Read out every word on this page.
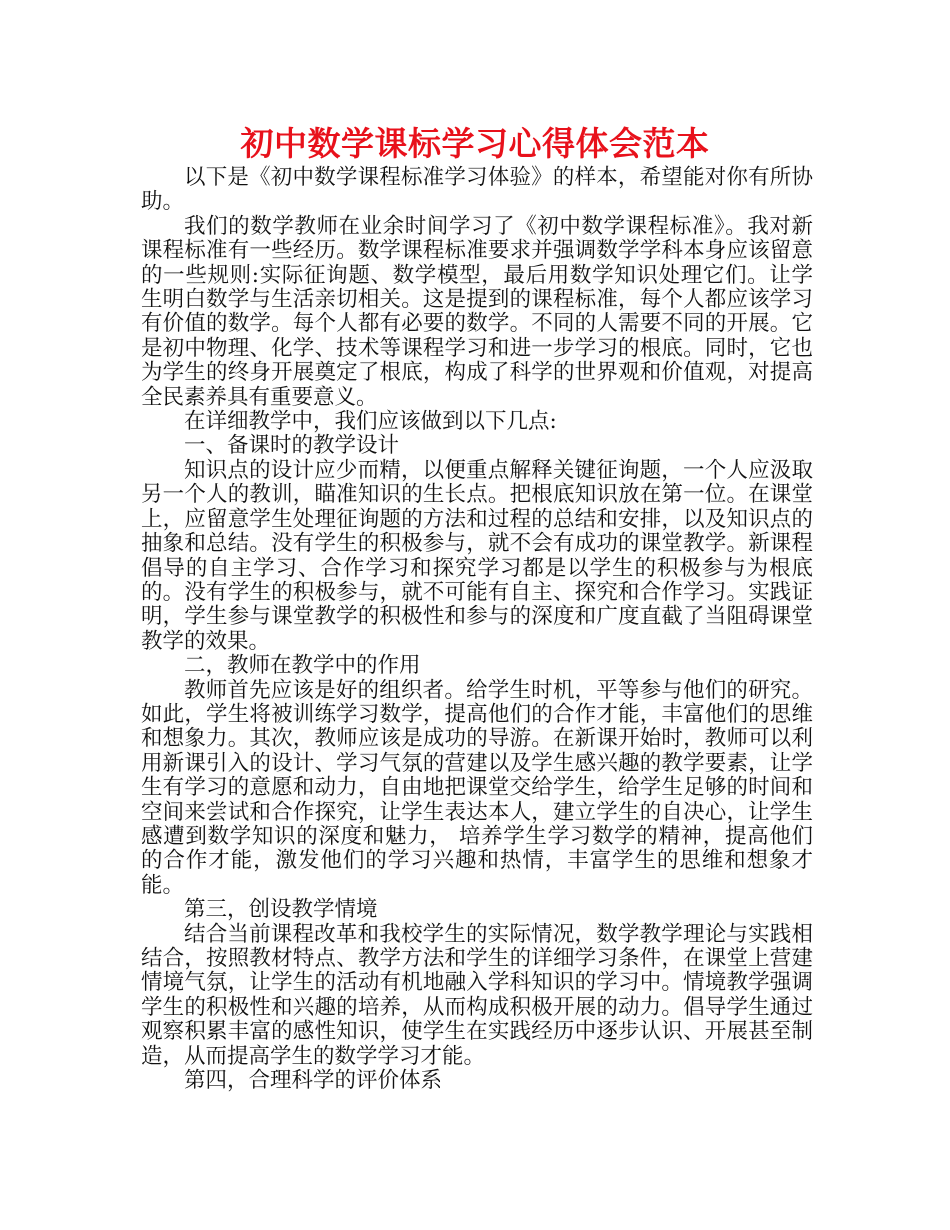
初中数学课标学习心得体会范本

以下是《初中数学课程标准学习体验》的样本，希望能对你有所协助。

我们的数学教师在业余时间学习了《初中数学课程标准》。我对新课程标准有一些经历。数学课程标准要求并强调数学学科本身应该留意的一些规则:实际征询题、数学模型，最后用数学知识处理它们。让学生明白数学与生活亲切相关。这是提到的课程标准，每个人都应该学习有价值的数学。每个人都有必要的数学。不同的人需要不同的开展。它是初中物理、化学、技术等课程学习和进一步学习的根底。同时，它也为学生的终身开展奠定了根底，构成了科学的世界观和价值观，对提高全民素养具有重要意义。

在详细教学中，我们应该做到以下几点:

一、备课时的教学设计

知识点的设计应少而精，以便重点解释关键征询题，一个人应汲取另一个人的教训，瞄准知识的生长点。把根底知识放在第一位。在课堂上，应留意学生处理征询题的方法和过程的总结和安排，以及知识点的抽象和总结。没有学生的积极参与，就不会有成功的课堂教学。新课程倡导的自主学习、合作学习和探究学习都是以学生的积极参与为根底的。没有学生的积极参与，就不可能有自主、探究和合作学习。实践证明，学生参与课堂教学的积极性和参与的深度和广度直截了当阻碍课堂教学的效果。

二，教师在教学中的作用

教师首先应该是好的组织者。给学生时机，平等参与他们的研究。如此，学生将被训练学习数学，提高他们的合作才能，丰富他们的思维和想象力。其次，教师应该是成功的导游。在新课开始时，教师可以利用新课引入的设计、学习气氛的营建以及学生感兴趣的教学要素，让学生有学习的意愿和动力，自由地把课堂交给学生，给学生足够的时间和空间来尝试和合作探究，让学生表达本人，建立学生的自决心，让学生感遭到数学知识的深度和魅力， 培养学生学习数学的精神，提高他们的合作才能，激发他们的学习兴趣和热情，丰富学生的思维和想象才能。

第三，创设教学情境

结合当前课程改革和我校学生的实际情况，数学教学理论与实践相结合，按照教材特点、教学方法和学生的详细学习条件，在课堂上营建情境气氛，让学生的活动有机地融入学科知识的学习中。情境教学强调学生的积极性和兴趣的培养，从而构成积极开展的动力。倡导学生通过观察积累丰富的感性知识，使学生在实践经历中逐步认识、开展甚至制造，从而提高学生的数学学习才能。

第四，合理科学的评价体系
